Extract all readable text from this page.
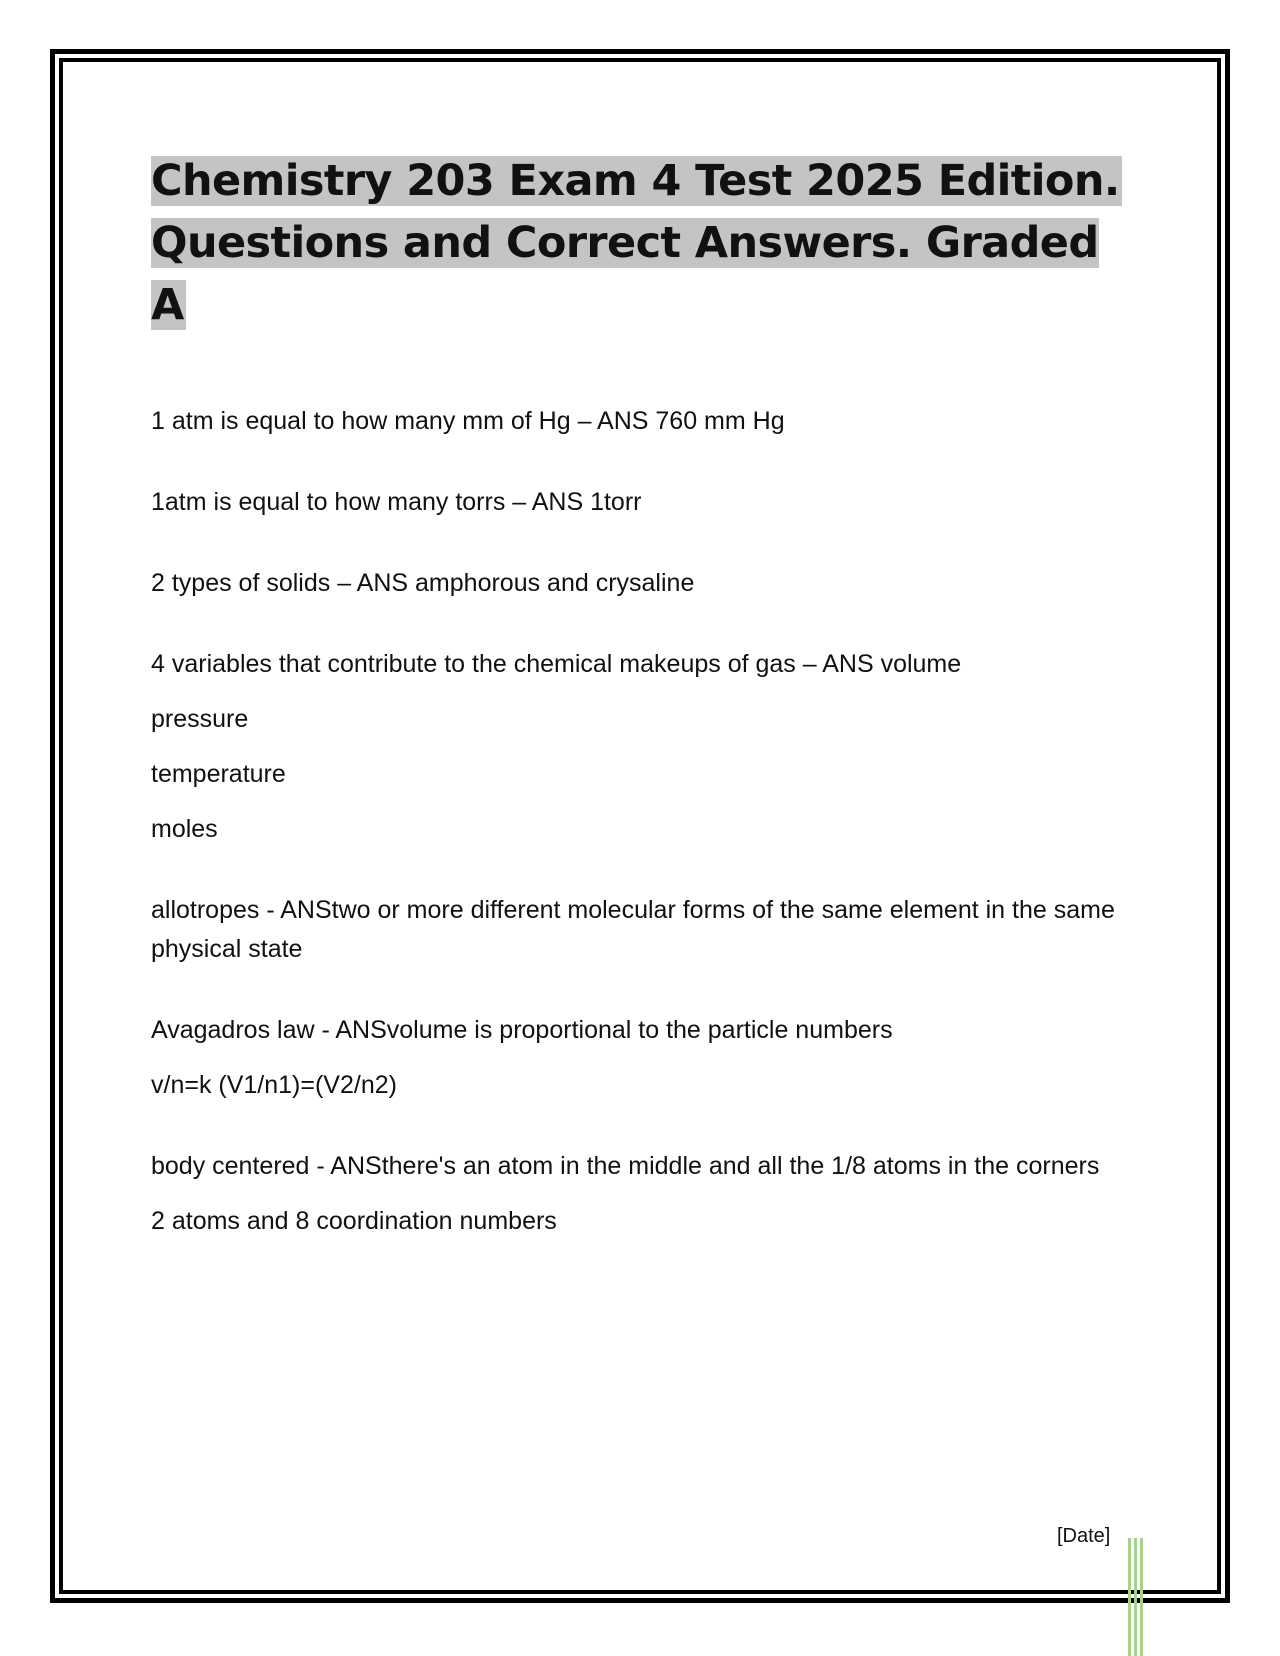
Chemistry 203 Exam 4 Test 2025 Edition.
Questions and Correct Answers. Graded A

1 atm is equal to how many mm of Hg – ANS 760 mm Hg

1atm is equal to how many torrs – ANS 1torr

2 types of solids – ANS amphorous and crysaline

4 variables that contribute to the chemical makeups of gas – ANS volume

pressure

temperature

moles

allotropes - ANStwo or more different molecular forms of the same element in the same physical state

Avagadros law - ANSvolume is proportional to the particle numbers

v/n=k (V1/n1)=(V2/n2)

body centered - ANSthere's an atom in the middle and all the 1/8 atoms in the corners

2 atoms and 8 coordination numbers

[Date]
